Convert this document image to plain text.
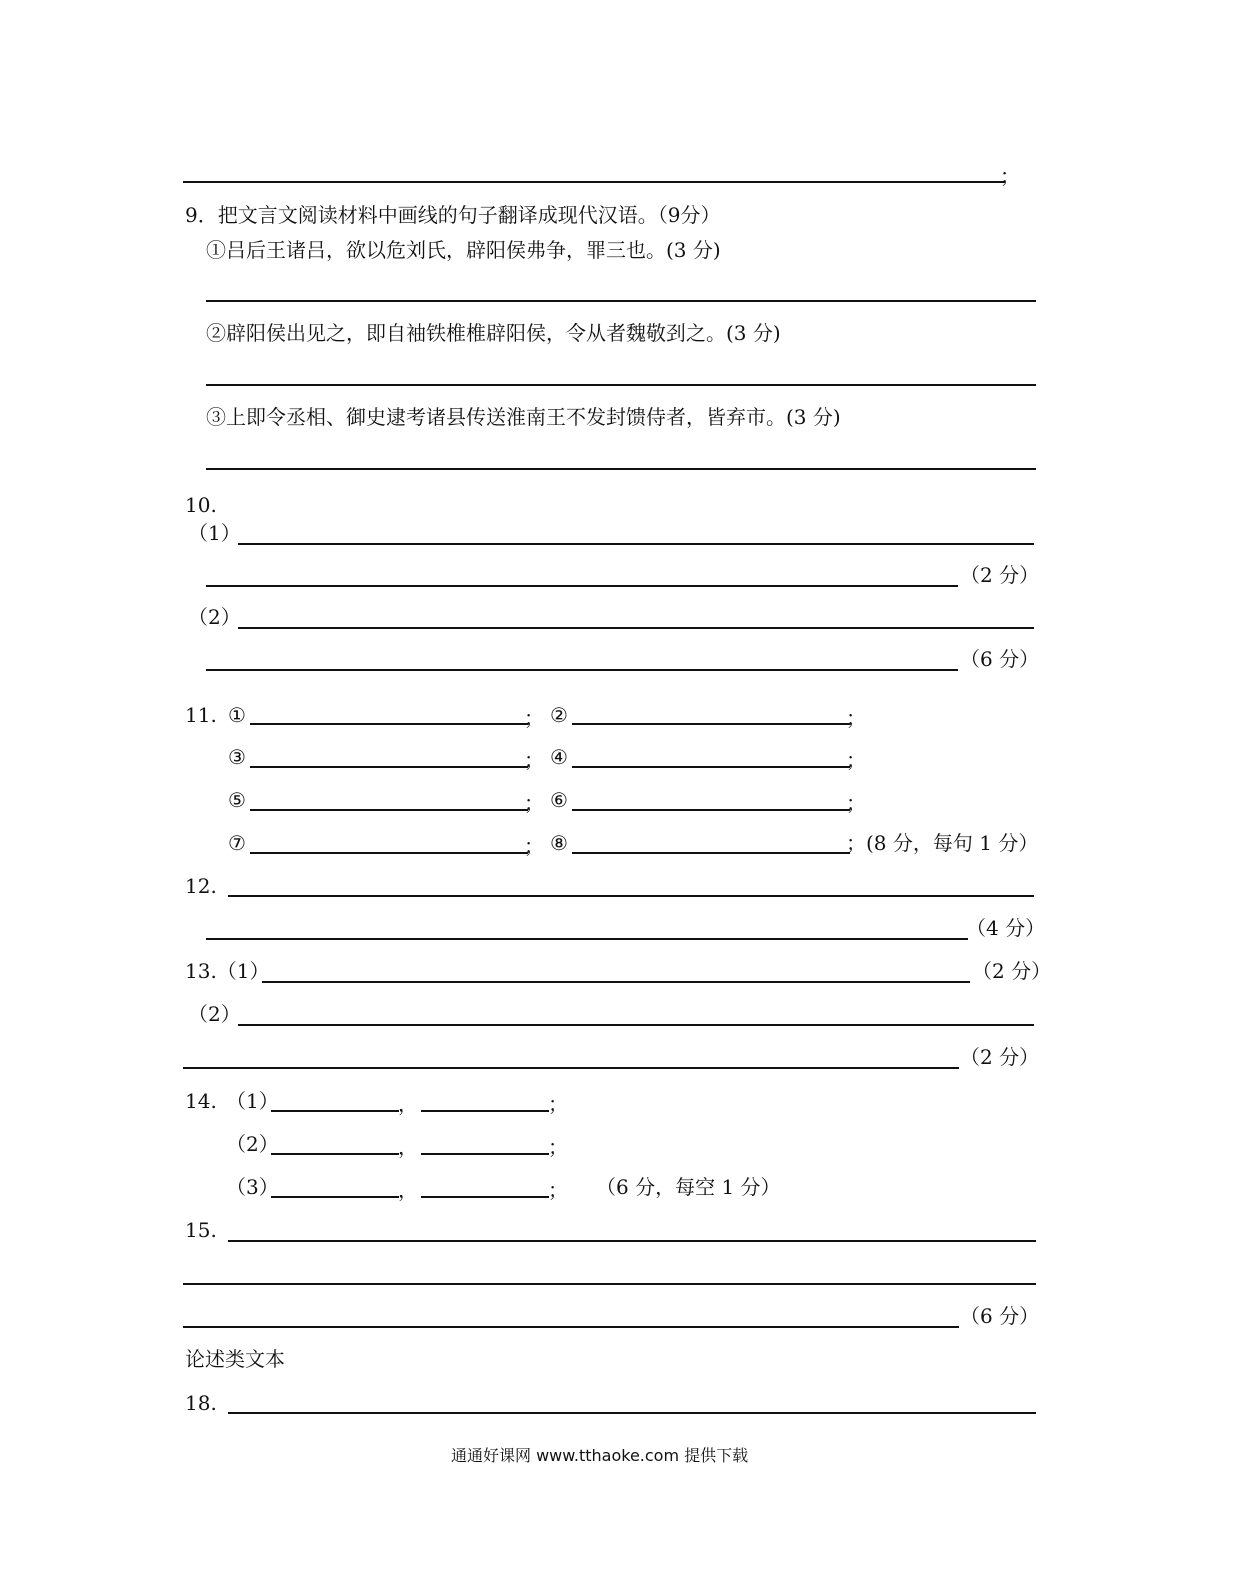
；
9．把文言文阅读材料中画线的句子翻译成现代汉语。（9分）
①吕后王诸吕，欲以危刘氏，辟阳侯弗争，罪三也。(3 分)
②辟阳侯出见之，即自袖铁椎椎辟阳侯，令从者魏敬刭之。(3 分)
③上即令丞相、御史逮考诸县传送淮南王不发封馈侍者，皆弃市。(3 分)
10.
（1）
（2 分）
（2）
（6 分）
11. ①	； ②	；
③	； ④	；
⑤	； ⑥	；
⑦	； ⑧	；(8 分，每句 1 分）
12.
（4 分）
13.（1）	（2 分）
（2）
（2 分）
14. （1）	，	；
（2）	，	；
（3）	，	； （6 分，每空 1 分）
15.
（6 分）
论述类文本
18.
通通好课网 www.tthaoke.com 提供下载
